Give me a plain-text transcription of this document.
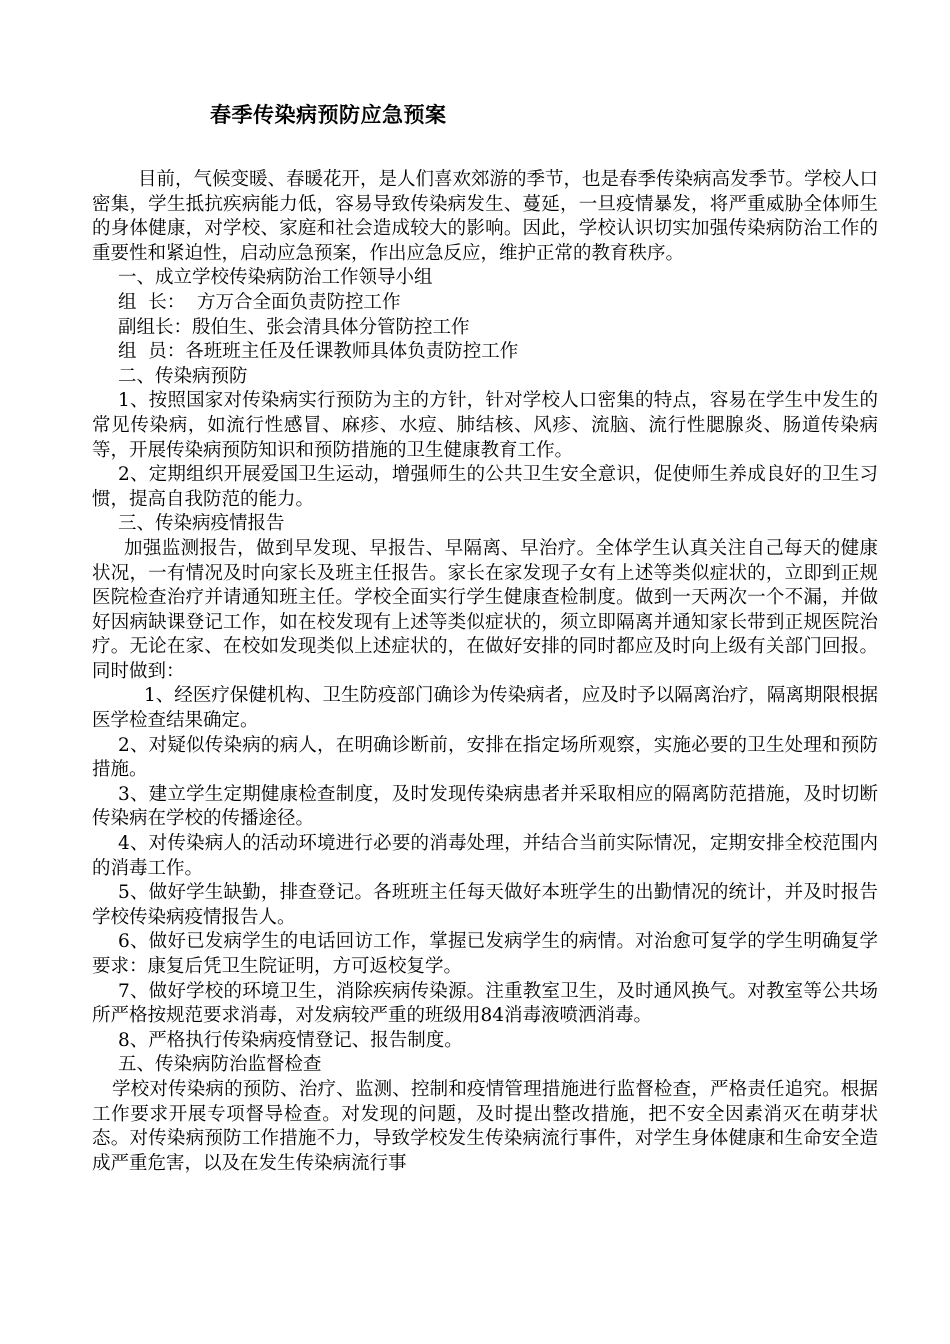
春季传染病预防应急预案

目前，气候变暖、春暖花开，是人们喜欢郊游的季节，也是春季传染病高发季节。学校人口密集，学生抵抗疾病能力低，容易导致传染病发生、蔓延，一旦疫情暴发，将严重威胁全体师生的身体健康，对学校、家庭和社会造成较大的影响。因此，学校认识切实加强传染病防治工作的重要性和紧迫性，启动应急预案，作出应急反应，维护正常的教育秩序。

一、成立学校传染病防治工作领导小组

组  长：  方万合全面负责防控工作

副组长：殷伯生、张会清具体分管防控工作

组  员：各班班主任及任课教师具体负责防控工作

二、传染病预防

1、按照国家对传染病实行预防为主的方针，针对学校人口密集的特点，容易在学生中发生的常见传染病，如流行性感冒、麻疹、水痘、肺结核、风疹、流脑、流行性腮腺炎、肠道传染病等，开展传染病预防知识和预防措施的卫生健康教育工作。

2、定期组织开展爱国卫生运动，增强师生的公共卫生安全意识，促使师生养成良好的卫生习惯，提高自我防范的能力。

三、传染病疫情报告

加强监测报告，做到早发现、早报告、早隔离、早治疗。全体学生认真关注自己每天的健康状况，一有情况及时向家长及班主任报告。家长在家发现子女有上述等类似症状的，立即到正规医院检查治疗并请通知班主任。学校全面实行学生健康查检制度。做到一天两次一个不漏，并做好因病缺课登记工作，如在校发现有上述等类似症状的，须立即隔离并通知家长带到正规医院治疗。无论在家、在校如发现类似上述症状的，在做好安排的同时都应及时向上级有关部门回报。     同时做到：

1、经医疗保健机构、卫生防疫部门确诊为传染病者，应及时予以隔离治疗，隔离期限根据医学检查结果确定。

2、对疑似传染病的病人，在明确诊断前，安排在指定场所观察，实施必要的卫生处理和预防措施。

3、建立学生定期健康检查制度，及时发现传染病患者并采取相应的隔离防范措施，及时切断传染病在学校的传播途径。

4、对传染病人的活动环境进行必要的消毒处理，并结合当前实际情况，定期安排全校范围内的消毒工作。

5、做好学生缺勤，排查登记。各班班主任每天做好本班学生的出勤情况的统计，并及时报告学校传染病疫情报告人。

6、做好已发病学生的电话回访工作，掌握已发病学生的病情。对治愈可复学的学生明确复学要求：康复后凭卫生院证明，方可返校复学。

7、做好学校的环境卫生，消除疾病传染源。注重教室卫生，及时通风换气。对教室等公共场所严格按规范要求消毒，对发病较严重的班级用84消毒液喷洒消毒。

8、严格执行传染病疫情登记、报告制度。

五、传染病防治监督检查

学校对传染病的预防、治疗、监测、控制和疫情管理措施进行监督检查，严格责任追究。根据工作要求开展专项督导检查。对发现的问题，及时提出整改措施，把不安全因素消灭在萌芽状态。对传染病预防工作措施不力，导致学校发生传染病流行事件，对学生身体健康和生命安全造成严重危害，以及在发生传染病流行事
